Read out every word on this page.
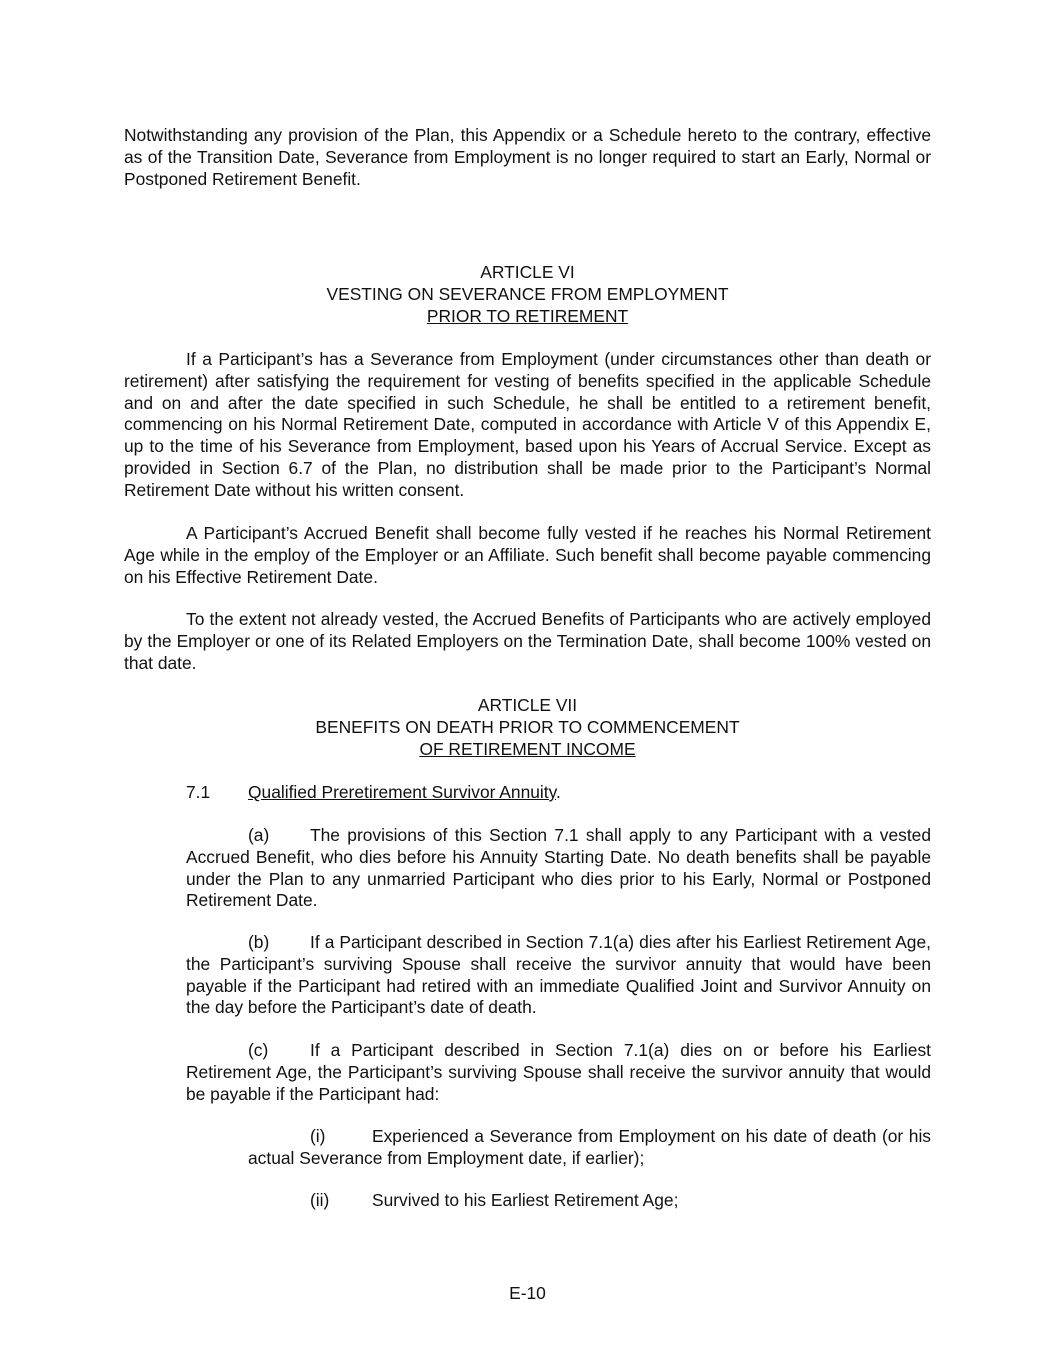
Notwithstanding any provision of the Plan, this Appendix or a Schedule hereto to the contrary, effective as of the Transition Date, Severance from Employment is no longer required to start an Early, Normal or Postponed Retirement Benefit.

ARTICLE VI
VESTING ON SEVERANCE FROM EMPLOYMENT
PRIOR TO RETIREMENT

If a Participant’s has a Severance from Employment (under circumstances other than death or retirement) after satisfying the requirement for vesting of benefits specified in the applicable Schedule and on and after the date specified in such Schedule, he shall be entitled to a retirement benefit, commencing on his Normal Retirement Date, computed in accordance with Article V of this Appendix E, up to the time of his Severance from Employment, based upon his Years of Accrual Service. Except as provided in Section 6.7 of the Plan, no distribution shall be made prior to the Participant’s Normal Retirement Date without his written consent.

A Participant’s Accrued Benefit shall become fully vested if he reaches his Normal Retirement Age while in the employ of the Employer or an Affiliate. Such benefit shall become payable commencing on his Effective Retirement Date.

To the extent not already vested, the Accrued Benefits of Participants who are actively employed by the Employer or one of its Related Employers on the Termination Date, shall become 100% vested on that date.

ARTICLE VII
BENEFITS ON DEATH PRIOR TO COMMENCEMENT
OF RETIREMENT INCOME

7.1 Qualified Preretirement Survivor Annuity.

(a) The provisions of this Section 7.1 shall apply to any Participant with a vested Accrued Benefit, who dies before his Annuity Starting Date. No death benefits shall be payable under the Plan to any unmarried Participant who dies prior to his Early, Normal or Postponed Retirement Date.

(b) If a Participant described in Section 7.1(a) dies after his Earliest Retirement Age, the Participant’s surviving Spouse shall receive the survivor annuity that would have been payable if the Participant had retired with an immediate Qualified Joint and Survivor Annuity on the day before the Participant’s date of death.

(c) If a Participant described in Section 7.1(a) dies on or before his Earliest Retirement Age, the Participant’s surviving Spouse shall receive the survivor annuity that would be payable if the Participant had:

(i)	Experienced a Severance from Employment on his date of death (or his actual Severance from Employment date, if earlier);

(ii) Survived to his Earliest Retirement Age;

E-10
